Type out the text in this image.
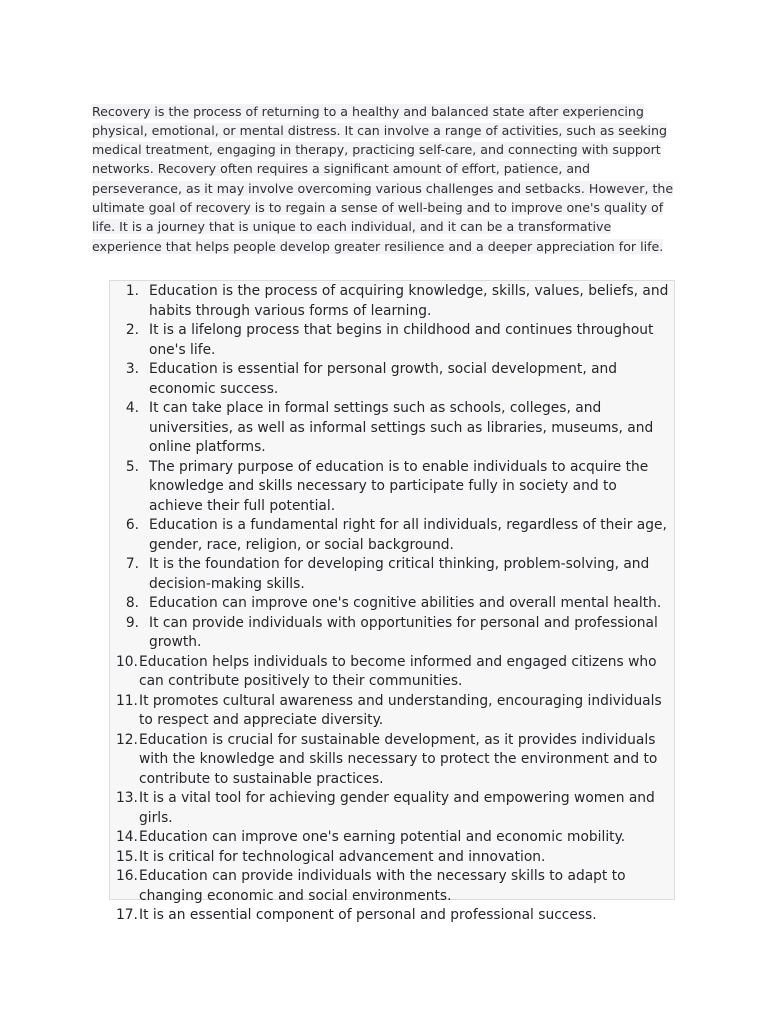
Recovery is the process of returning to a healthy and balanced state after experiencing physical, emotional, or mental distress. It can involve a range of activities, such as seeking medical treatment, engaging in therapy, practicing self-care, and connecting with support networks. Recovery often requires a significant amount of effort, patience, and perseverance, as it may involve overcoming various challenges and setbacks. However, the ultimate goal of recovery is to regain a sense of well-being and to improve one's quality of life. It is a journey that is unique to each individual, and it can be a transformative experience that helps people develop greater resilience and a deeper appreciation for life.

1. Education is the process of acquiring knowledge, skills, values, beliefs, and habits through various forms of learning.
2. It is a lifelong process that begins in childhood and continues throughout one's life.
3. Education is essential for personal growth, social development, and economic success.
4. It can take place in formal settings such as schools, colleges, and universities, as well as informal settings such as libraries, museums, and online platforms.
5. The primary purpose of education is to enable individuals to acquire the knowledge and skills necessary to participate fully in society and to achieve their full potential.
6. Education is a fundamental right for all individuals, regardless of their age, gender, race, religion, or social background.
7. It is the foundation for developing critical thinking, problem-solving, and decision-making skills.
8. Education can improve one's cognitive abilities and overall mental health.
9. It can provide individuals with opportunities for personal and professional growth.
10. Education helps individuals to become informed and engaged citizens who can contribute positively to their communities.
11. It promotes cultural awareness and understanding, encouraging individuals to respect and appreciate diversity.
12. Education is crucial for sustainable development, as it provides individuals with the knowledge and skills necessary to protect the environment and to contribute to sustainable practices.
13. It is a vital tool for achieving gender equality and empowering women and girls.
14. Education can improve one's earning potential and economic mobility.
15. It is critical for technological advancement and innovation.
16. Education can provide individuals with the necessary skills to adapt to changing economic and social environments.
17. It is an essential component of personal and professional success.
